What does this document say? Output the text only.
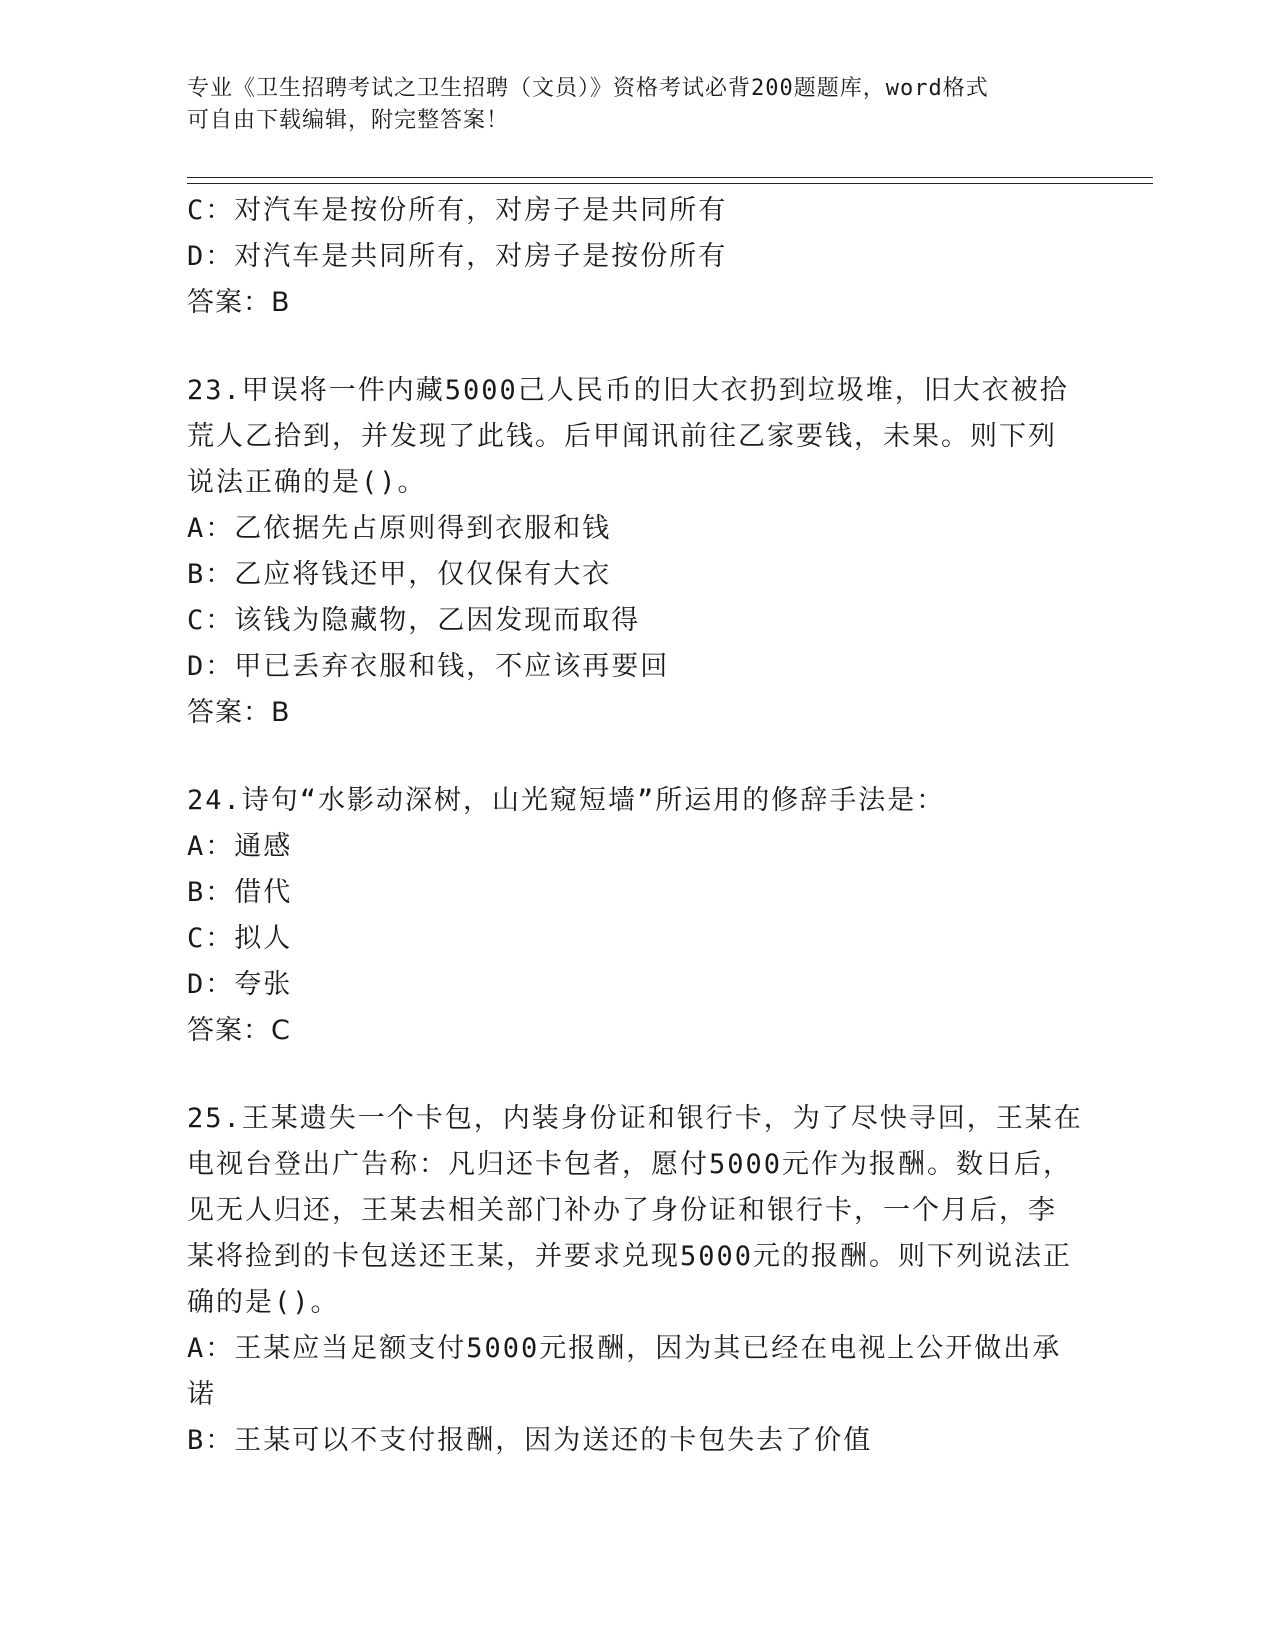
专业《卫生招聘考试之卫生招聘（文员）》资格考试必背200题题库，word格式
可自由下载编辑，附完整答案！
C：对汽车是按份所有，对房子是共同所有
D：对汽车是共同所有，对房子是按份所有
答案：B
23.甲误将一件内藏5000己人民币的旧大衣扔到垃圾堆，旧大衣被拾
荒人乙拾到，并发现了此钱。后甲闻讯前往乙家要钱，未果。则下列
说法正确的是()。
A：乙依据先占原则得到衣服和钱
B：乙应将钱还甲，仅仅保有大衣
C：该钱为隐藏物，乙因发现而取得
D：甲已丢弃衣服和钱，不应该再要回
答案：B
24.诗句“水影动深树，山光窥短墙”所运用的修辞手法是：
A：通感
B：借代
C：拟人
D：夸张
答案：C
25.王某遗失一个卡包，内装身份证和银行卡，为了尽快寻回，王某在
电视台登出广告称：凡归还卡包者，愿付5000元作为报酬。数日后，
见无人归还，王某去相关部门补办了身份证和银行卡，一个月后，李
某将捡到的卡包送还王某，并要求兑现5000元的报酬。则下列说法正
确的是()。
A：王某应当足额支付5000元报酬，因为其已经在电视上公开做出承
诺
B：王某可以不支付报酬，因为送还的卡包失去了价值
